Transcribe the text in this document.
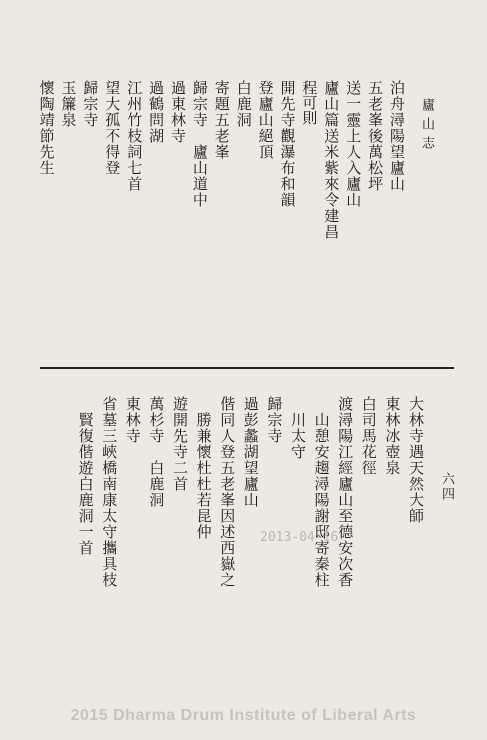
廬山志
六四
泊舟潯陽望廬山
五老峯後萬松坪
送一靈上人入廬山
廬山篇送米紫來令建昌
程可則
開先寺觀瀑布和韻
登廬山絕頂
白鹿洞
寄題五老峯
歸宗寺　廬山道中
過東林寺
過鶴問湖
江州竹枝詞七首
望大孤不得登
歸宗寺
玉簾泉
懷陶靖節先生
大林寺遇天然大師
東林冰壺泉
白司馬花徑
渡潯陽江經廬山至德安次香
　山憩安趨潯陽謝邸寄秦柱
　川太守
歸宗寺
過彭蠡湖望廬山
偕同人登五老峯因述西嶽之
　勝兼懷杜杜若昆仲
遊開先寺二首
萬杉寺　白鹿洞
東林寺
省墓三峽橋南康太守攜具枝
　賢復偕遊白鹿洞一首	2013-04-16
2015 Dharma Drum Institute of Liberal Arts
